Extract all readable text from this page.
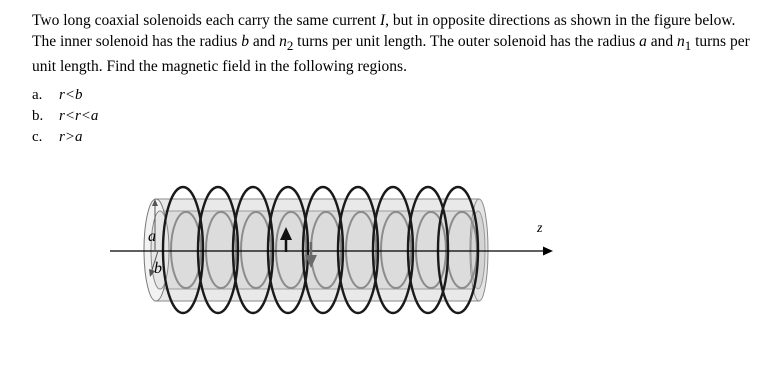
Two long coaxial solenoids each carry the same current I, but in opposite directions as shown in the figure below. The inner solenoid has the radius b and $n_2$ turns per unit length. The outer solenoid has the radius a and $n_1$ turns per unit length. Find the magnetic field in the following regions.

a.	r<b
b.	r<r<a
c.	r>a
z
a
b
